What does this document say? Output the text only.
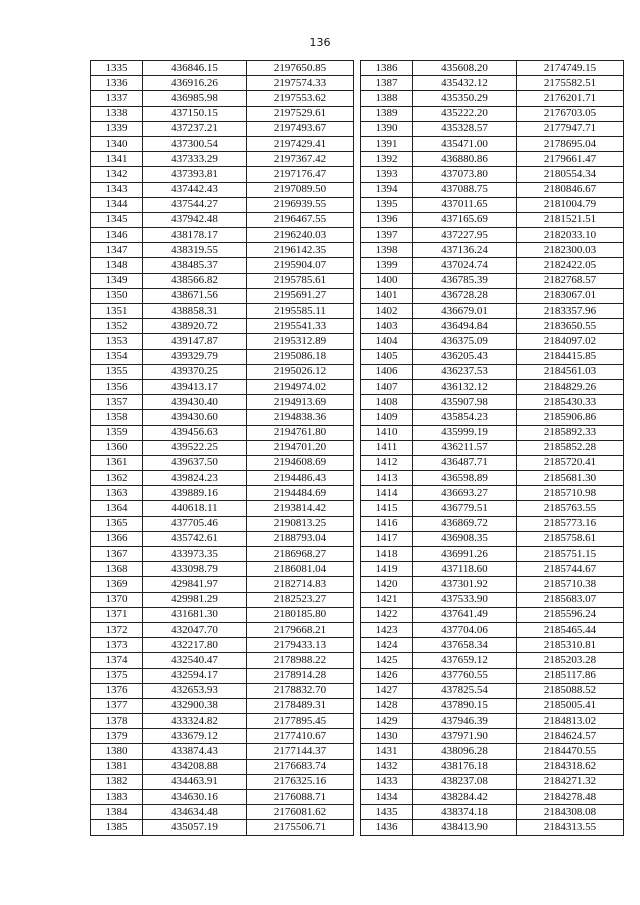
136
1335	436846.15	2197650.85
1336	436916.26	2197574.33
1337	436985.98	2197553.62
1338	437150.15	2197529.61
1339	437237.21	2197493.67
1340	437300.54	2197429.41
1341	437333.29	2197367.42
1342	437393.81	2197176.47
1343	437442.43	2197089.50
1344	437544.27	2196939.55
1345	437942.48	2196467.55
1346	438178.17	2196240.03
1347	438319.55	2196142.35
1348	438485.37	2195904.07
1349	438566.82	2195785.61
1350	438671.56	2195691.27
1351	438858.31	2195585.11
1352	438920.72	2195541.33
1353	439147.87	2195312.89
1354	439329.79	2195086.18
1355	439370.25	2195026.12
1356	439413.17	2194974.02
1357	439430.40	2194913.69
1358	439430.60	2194838.36
1359	439456.63	2194761.80
1360	439522.25	2194701.20
1361	439637.50	2194608.69
1362	439824.23	2194486.43
1363	439889.16	2194484.69
1364	440618.11	2193814.42
1365	437705.46	2190813.25
1366	435742.61	2188793.04
1367	433973.35	2186968.27
1368	433098.79	2186081.04
1369	429841.97	2182714.83
1370	429981.29	2182523.27
1371	431681.30	2180185.80
1372	432047.70	2179668.21
1373	432217.80	2179433.13
1374	432540.47	2178988.22
1375	432594.17	2178914.28
1376	432653.93	2178832.70
1377	432900.38	2178489.31
1378	433324.82	2177895.45
1379	433679.12	2177410.67
1380	433874.43	2177144.37
1381	434208.88	2176683.74
1382	434463.91	2176325.16
1383	434630.16	2176088.71
1384	434634.48	2176081.62
1385	435057.19	2175506.71
1386	435608.20	2174749.15
1387	435432.12	2175582.51
1388	435350.29	2176201.71
1389	435222.20	2176703.05
1390	435328.57	2177947.71
1391	435471.00	2178695.04
1392	436880.86	2179661.47
1393	437073.80	2180554.34
1394	437088.75	2180846.67
1395	437011.65	2181004.79
1396	437165.69	2181521.51
1397	437227.95	2182033.10
1398	437136.24	2182300.03
1399	437024.74	2182422.05
1400	436785.39	2182768.57
1401	436728.28	2183067.01
1402	436679.01	2183357.96
1403	436494.84	2183650.55
1404	436375.09	2184097.02
1405	436205.43	2184415.85
1406	436237.53	2184561.03
1407	436132.12	2184829.26
1408	435907.98	2185430.33
1409	435854.23	2185906.86
1410	435999.19	2185892.33
1411	436211.57	2185852.28
1412	436487.71	2185720.41
1413	436598.89	2185681.30
1414	436693.27	2185710.98
1415	436779.51	2185763.55
1416	436869.72	2185773.16
1417	436908.35	2185758.61
1418	436991.26	2185751.15
1419	437118.60	2185744.67
1420	437301.92	2185710.38
1421	437533.90	2185683.07
1422	437641.49	2185596.24
1423	437704.06	2185465.44
1424	437658.34	2185310.81
1425	437659.12	2185203.28
1426	437760.55	2185117.86
1427	437825.54	2185088.52
1428	437890.15	2185005.41
1429	437946.39	2184813.02
1430	437971.90	2184624.57
1431	438096.28	2184470.55
1432	438176.18	2184318.62
1433	438237.08	2184271.32
1434	438284.42	2184278.48
1435	438374.18	2184308.08
1436	438413.90	2184313.55
